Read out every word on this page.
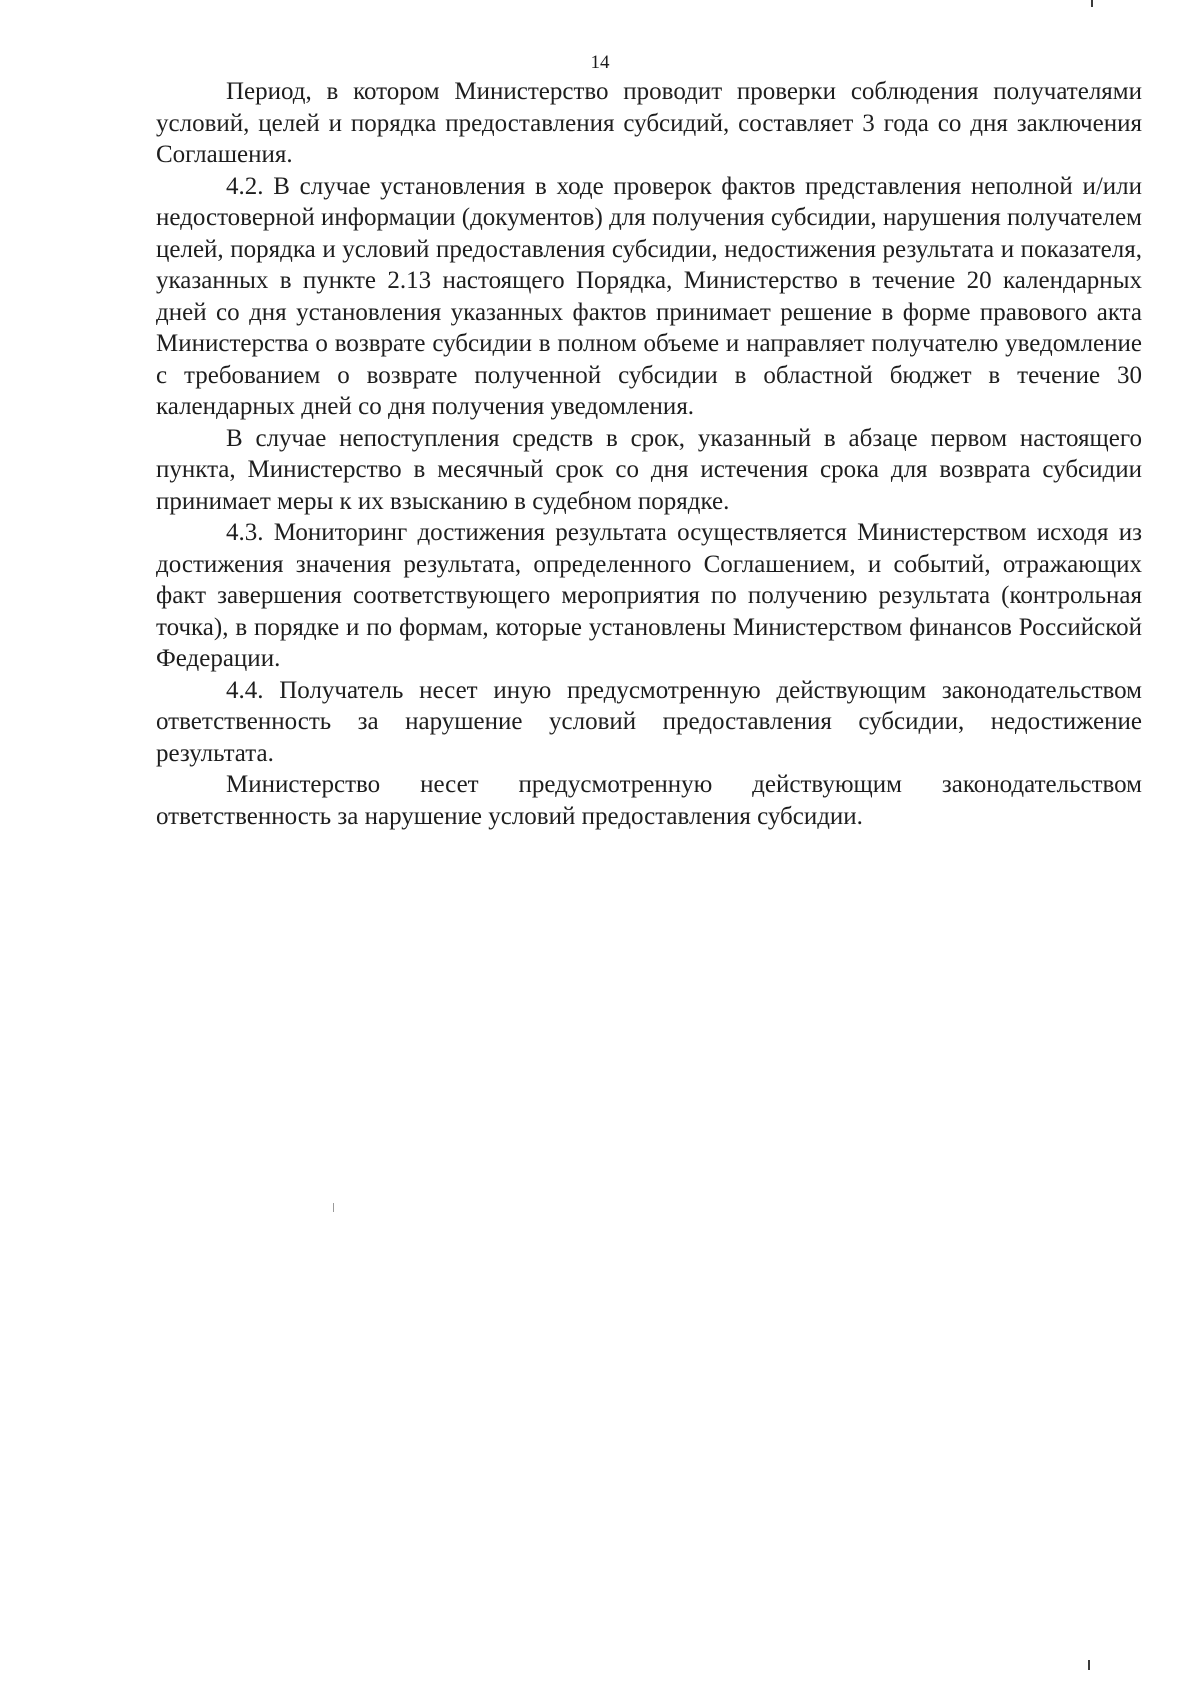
14

Период, в котором Министерство проводит проверки соблюдения получателями условий, целей и порядка предоставления субсидий, составляет 3 года со дня заключения Соглашения.

4.2. В случае установления в ходе проверок фактов представления неполной и/или недостоверной информации (документов) для получения субсидии, нарушения получателем целей, порядка и условий предоставления субсидии, недостижения результата и показателя, указанных в пункте 2.13 настоящего Порядка, Министерство в течение 20 календарных дней со дня установления указанных фактов принимает решение в форме правового акта Министерства о возврате субсидии в полном объеме и направляет получателю уведомление с требованием о возврате полученной субсидии в областной бюджет в течение 30 календарных дней со дня получения уведомления.

В случае непоступления средств в срок, указанный в абзаце первом настоящего пункта, Министерство в месячный срок со дня истечения срока для возврата субсидии принимает меры к их взысканию в судебном порядке.

4.3. Мониторинг достижения результата осуществляется Министерством исходя из достижения значения результата, определенного Соглашением, и событий, отражающих факт завершения соответствующего мероприятия по получению результата (контрольная точка), в порядке и по формам, которые установлены Министерством финансов Российской Федерации.

4.4. Получатель несет иную предусмотренную действующим законодательством ответственность за нарушение условий предоставления субсидии, недостижение результата.

Министерство несет предусмотренную действующим законодательством ответственность за нарушение условий предоставления субсидии.
